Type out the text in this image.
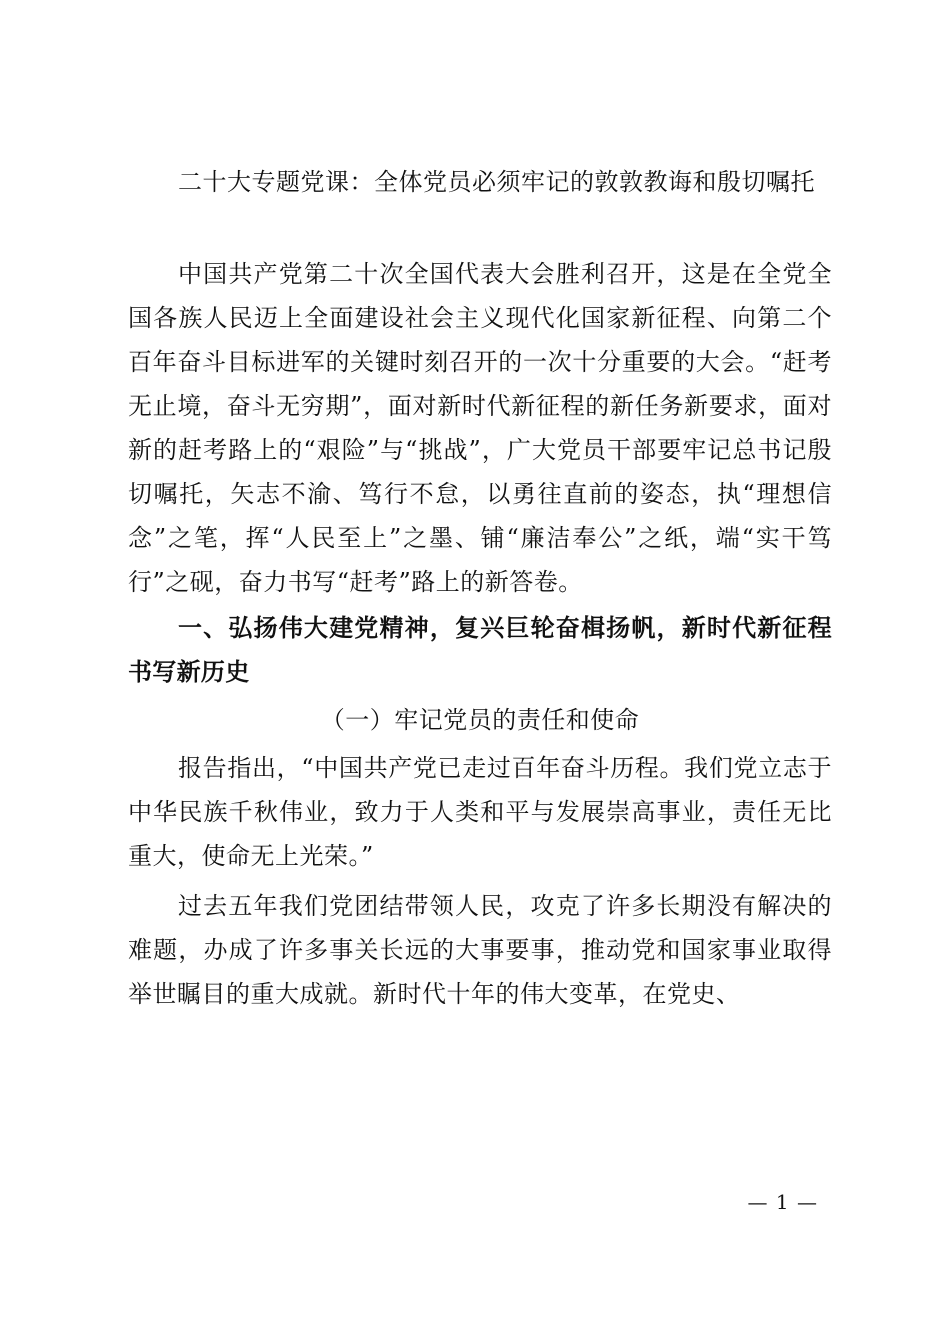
二十大专题党课：全体党员必须牢记的敦敦教诲和殷切嘱托

中国共产党第二十次全国代表大会胜利召开，这是在全党全国各族人民迈上全面建设社会主义现代化国家新征程、向第二个百年奋斗目标进军的关键时刻召开的一次十分重要的大会。“赶考无止境，奋斗无穷期”，面对新时代新征程的新任务新要求，面对新的赶考路上的“艰险”与“挑战”，广大党员干部要牢记总书记殷切嘱托，矢志不渝、笃行不怠，以勇往直前的姿态，执“理想信念”之笔，挥“人民至上”之墨、铺“廉洁奉公”之纸，端“实干笃行”之砚，奋力书写“赶考”路上的新答卷。

一、弘扬伟大建党精神，复兴巨轮奋楫扬帆，新时代新征程书写新历史

（一）牢记党员的责任和使命

报告指出，“中国共产党已走过百年奋斗历程。我们党立志于中华民族千秋伟业，致力于人类和平与发展崇高事业，责任无比重大，使命无上光荣。”

过去五年我们党团结带领人民，攻克了许多长期没有解决的难题，办成了许多事关长远的大事要事，推动党和国家事业取得举世瞩目的重大成就。新时代十年的伟大变革，在党史、

— 1 —
